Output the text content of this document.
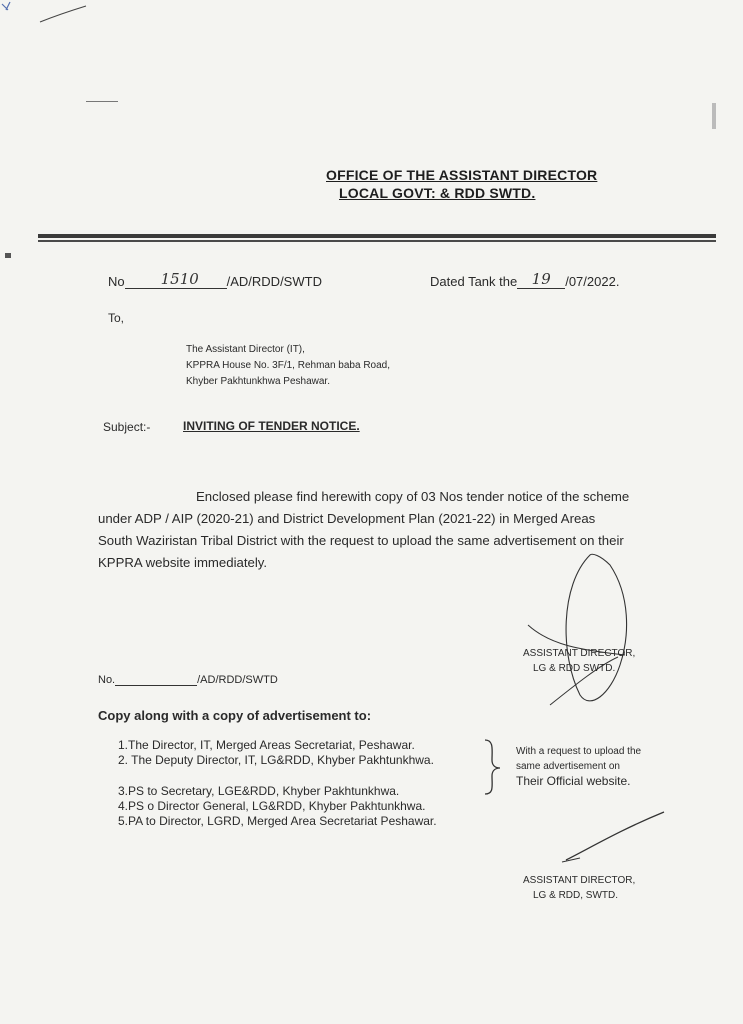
OFFICE OF THE ASSISTANT DIRECTOR
LOCAL GOVT: & RDD SWTD.
No 1510	/AD/RDD/SWTD	Dated Tank the 19	/07/2022.
To,
The Assistant Director (IT),
KPPRA House No. 3F/1, Rehman baba Road,
Khyber Pakhtunkhwa Peshawar.
Subject:-	INVITING OF TENDER NOTICE.

Enclosed please find herewith copy of 03 Nos tender notice of the scheme

under ADP / AIP (2020-21) and District Development Plan (2021-22) in Merged Areas

South Waziristan Tribal District with the request to upload the same advertisement on their

KPPRA website immediately.

ASSISTANT DIRECTOR,
LG & RDD SWTD.
No.	/AD/RDD/SWTD
Copy along with a copy of advertisement to:
1.The Director, IT, Merged Areas Secretariat, Peshawar.
2. The Deputy Director, IT, LG&RDD, Khyber Pakhtunkhwa.
3.PS to Secretary, LGE&RDD, Khyber Pakhtunkhwa.
4.PS o Director General, LG&RDD, Khyber Pakhtunkhwa.
5.PA to Director, LGRD, Merged Area Secretariat Peshawar.
With a request to upload the
same advertisement on
Their Official website.
ASSISTANT DIRECTOR,
LG & RDD, SWTD.
